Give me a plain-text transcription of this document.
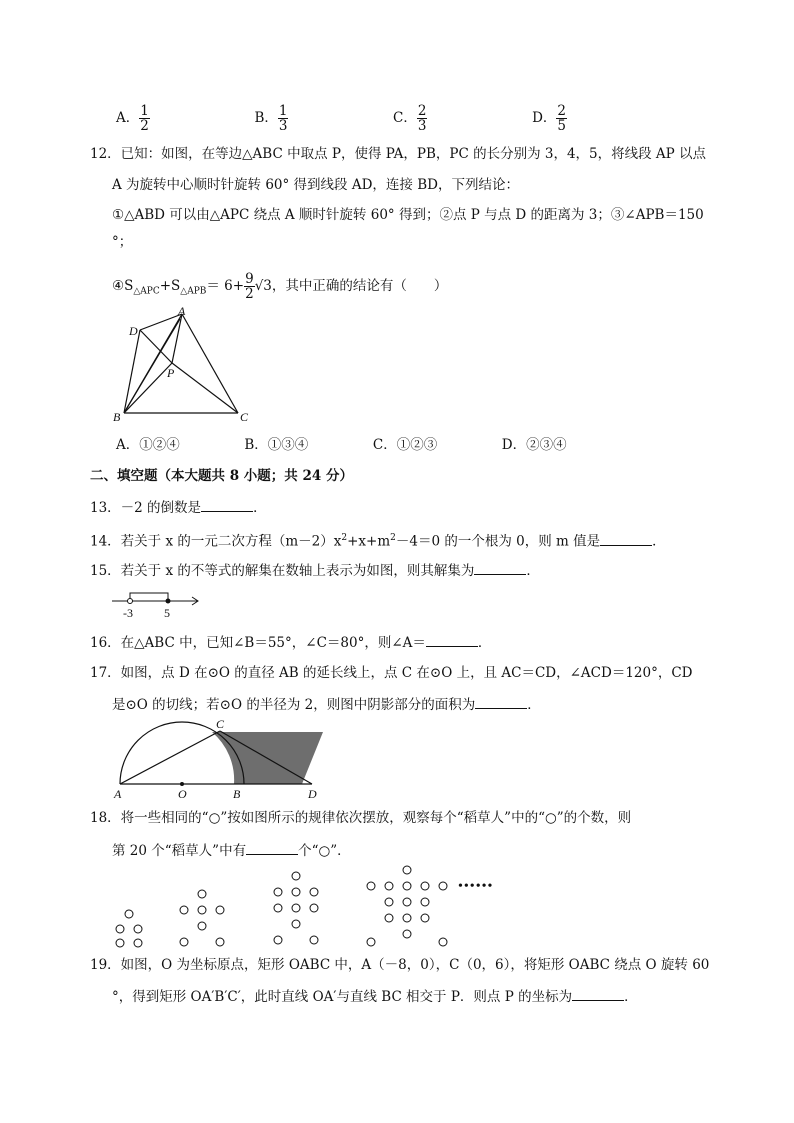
A． $\frac{1}{2}$	B． $\frac{1}{3}$	C． $\frac{2}{3}$	D． $\frac{2}{5}$
12．已知：如图，在等边△ABC 中取点 P，使得 PA，PB，PC 的长分别为 3，4，5，将线段 AP 以点
A 为旋转中心顺时针旋转 60° 得到线段 AD，连接 BD，下列结论：
①△ABD 可以由△APC 绕点 A 顺时针旋转 60° 得到；②点 P 与点 D 的距离为 3；③∠APB＝150
°；
$④S_{\triangle APC}+S_{\triangle APB}= 6+ \frac{9}{2} √3$，其中正确的结论有（　　）
A
D
P
B	C
A．①②④	B．①③④	C．①②③	D．②③④
二、填空题（本大题共 8 小题；共 24 分）
13．－2 的倒数是	．
14．若关于 x 的一元二次方程$(m-2)x^2+x+m^2-4=0$ 的一个根为 0，则 m 值是	．
15．若关于 x 的不等式的解集在数轴上表示为如图，则其解集为	．
-3	5
16．在△ABC 中，已知∠B＝55°，∠C＝80°，则∠A＝	．
17．如图，点 D 在⊙O 的直径 AB 的延长线上，点 C 在⊙O 上，且 AC＝CD，∠ACD＝120°，CD
是⊙O 的切线；若⊙O 的半径为 2，则图中阴影部分的面积为	．
A	O	B
C
D
18．将一些相同的“○”按如图所示的规律依次摆放，观察每个“稻草人”中的“○”的个数，则
第 20 个“稻草人”中有	个“○”．
••••••
19．如图，O 为坐标原点，矩形 OABC 中，A（－8，0），C（0，6），将矩形 OABC 绕点 O 旋转 60
°，得到矩形 OA′B′C′，此时直线 OA′与直线 BC 相交于 P．则点 P 的坐标为	．
